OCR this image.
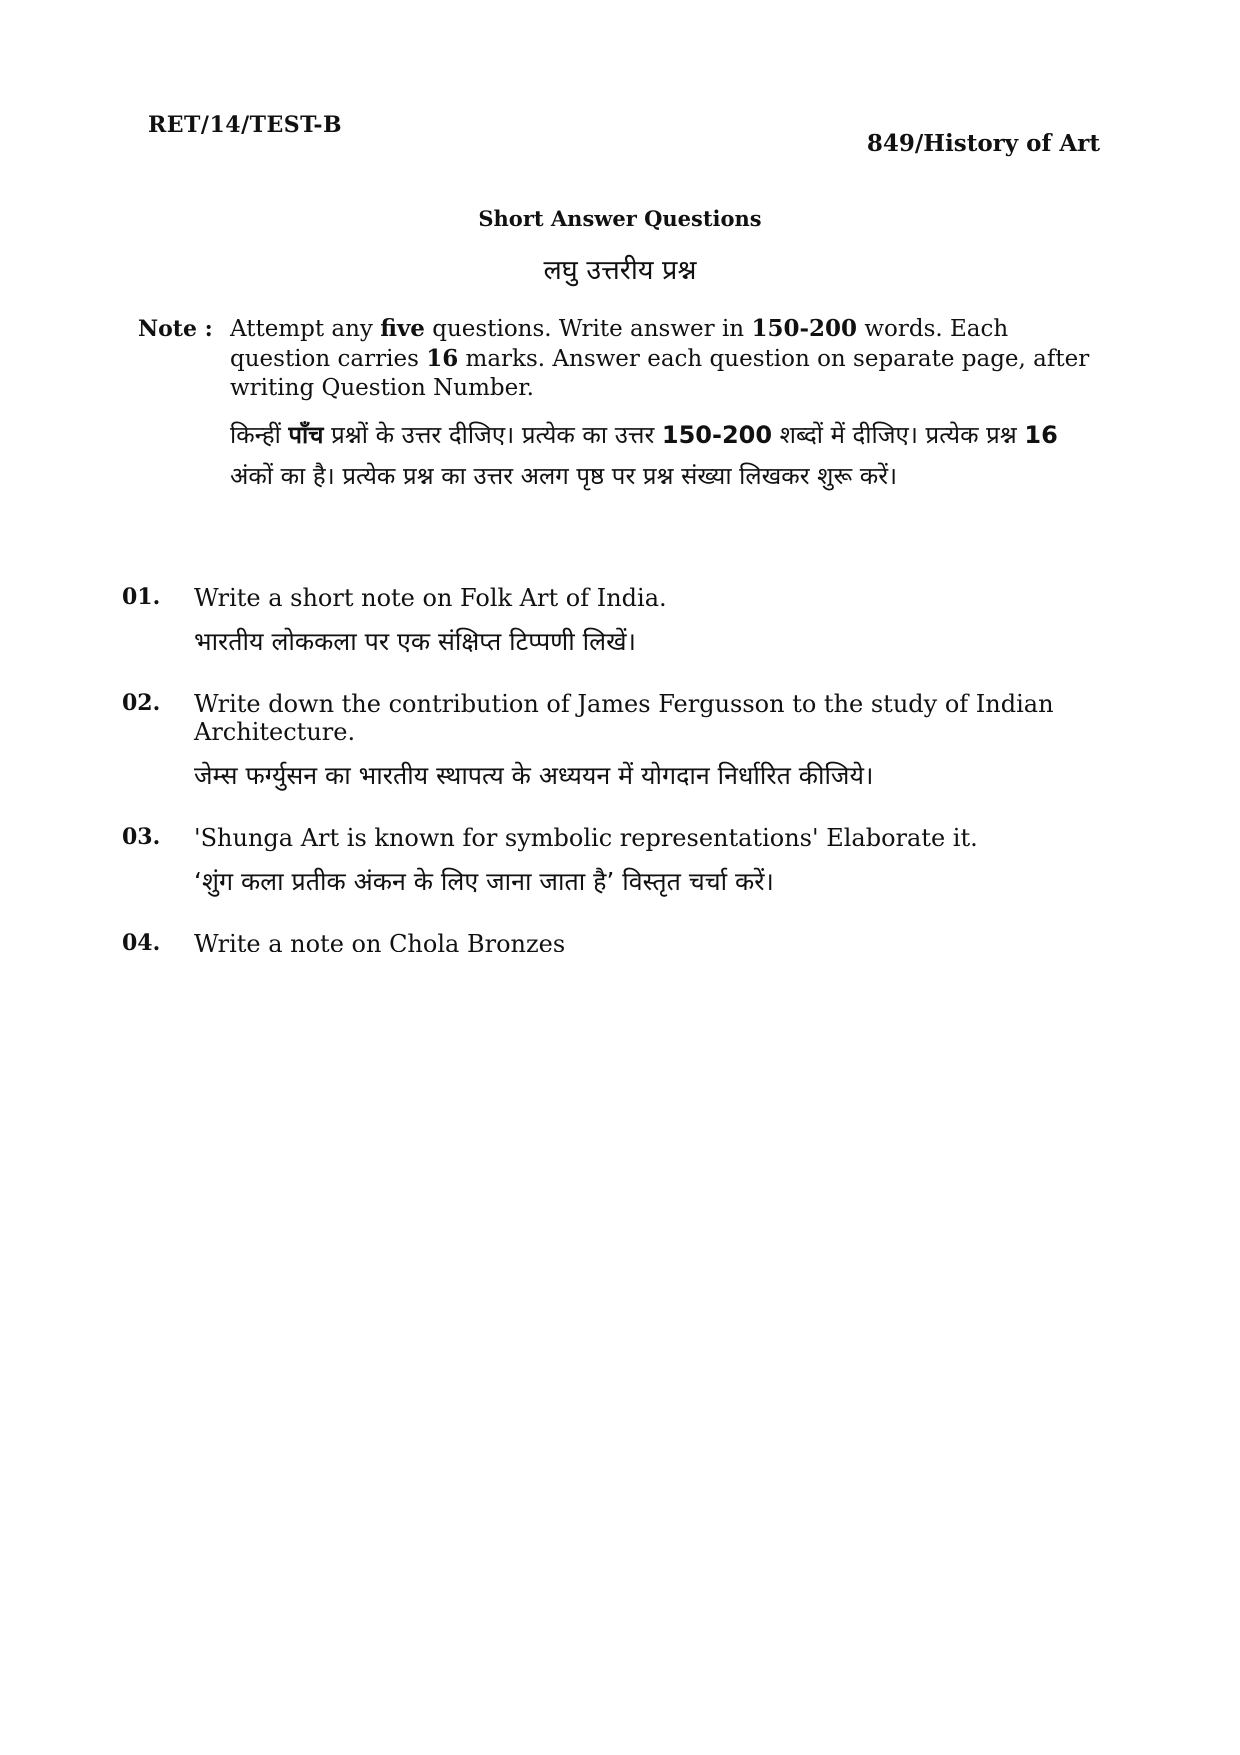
RET/14/TEST-B
849/History of Art
Short Answer Questions
लघु उत्तरीय प्रश्न
Note : Attempt any five questions. Write answer in 150-200 words. Each question carries 16 marks. Answer each question on separate page, after writing Question Number.
किन्हीं पाँच प्रश्नों के उत्तर दीजिए। प्रत्येक का उत्तर 150-200 शब्दों में दीजिए। प्रत्येक प्रश्न 16 अंकों का है। प्रत्येक प्रश्न का उत्तर अलग पृष्ठ पर प्रश्न संख्या लिखकर शुरू करें।
01. Write a short note on Folk Art of India.
भारतीय लोककला पर एक संक्षिप्त टिप्पणी लिखें।
02. Write down the contribution of James Fergusson to the study of Indian Architecture.
जेम्स फर्ग्युसन का भारतीय स्थापत्य के अध्ययन में योगदान निर्धारित कीजिये।
03. 'Shunga Art is known for symbolic representations' Elaborate it.
‘शुंग कला प्रतीक अंकन के लिए जाना जाता है’ विस्तृत चर्चा करें।
04. Write a note on Chola Bronzes
